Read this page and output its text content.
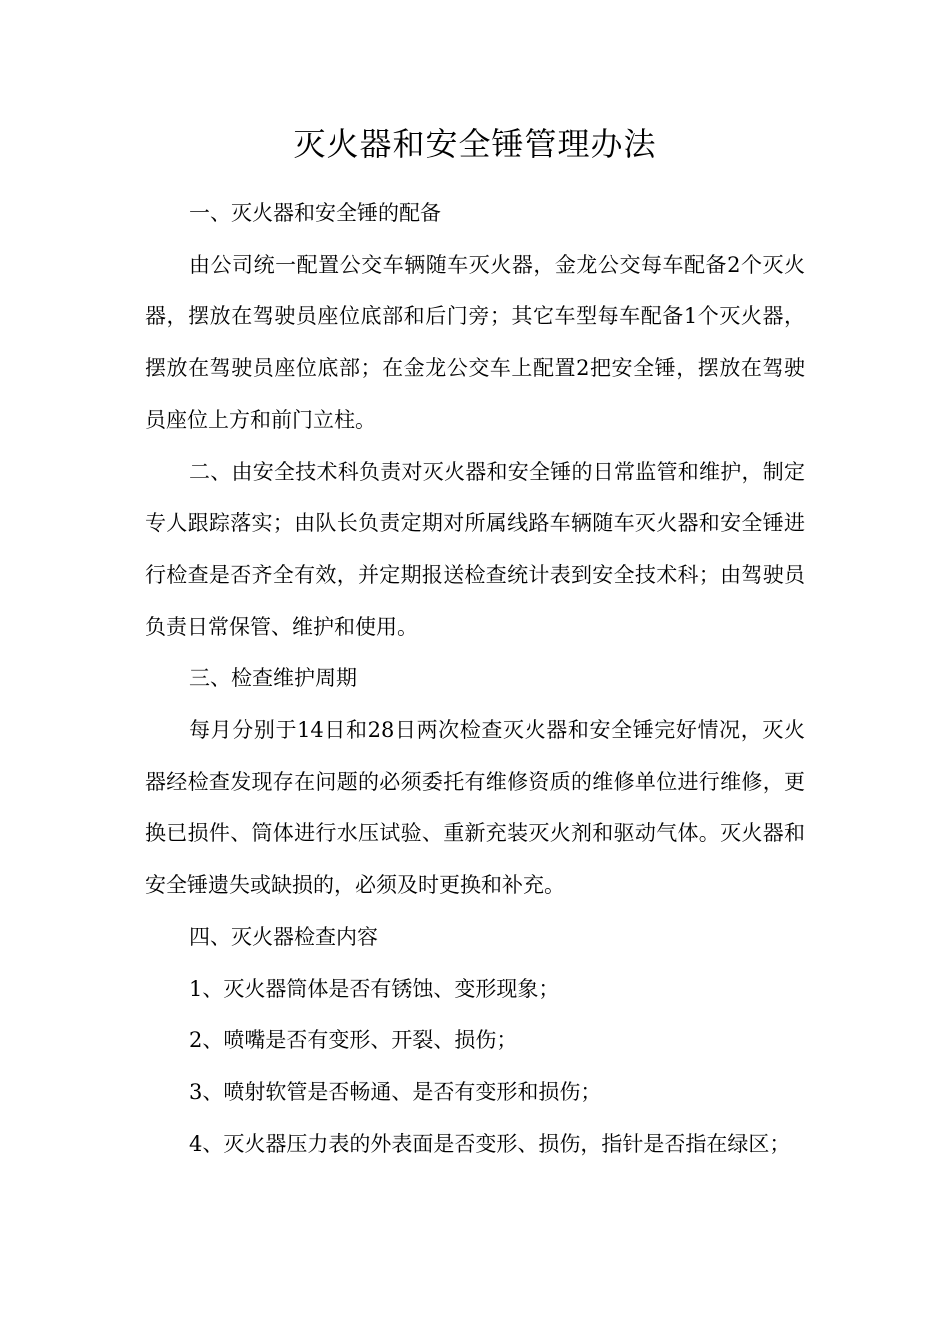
灭火器和安全锤管理办法

一、灭火器和安全锤的配备

由公司统一配置公交车辆随车灭火器，金龙公交每车配备2个灭火器，摆放在驾驶员座位底部和后门旁；其它车型每车配备1个灭火器，摆放在驾驶员座位底部；在金龙公交车上配置2把安全锤，摆放在驾驶员座位上方和前门立柱。

二、由安全技术科负责对灭火器和安全锤的日常监管和维护，制定专人跟踪落实；由队长负责定期对所属线路车辆随车灭火器和安全锤进行检查是否齐全有效，并定期报送检查统计表到安全技术科；由驾驶员负责日常保管、维护和使用。

三、检查维护周期

每月分别于14日和28日两次检查灭火器和安全锤完好情况，灭火器经检查发现存在问题的必须委托有维修资质的维修单位进行维修，更换已损件、筒体进行水压试验、重新充装灭火剂和驱动气体。灭火器和安全锤遗失或缺损的，必须及时更换和补充。

四、灭火器检查内容

1、灭火器筒体是否有锈蚀、变形现象；

2、喷嘴是否有变形、开裂、损伤；

3、喷射软管是否畅通、是否有变形和损伤；

4、灭火器压力表的外表面是否变形、损伤，指针是否指在绿区；
